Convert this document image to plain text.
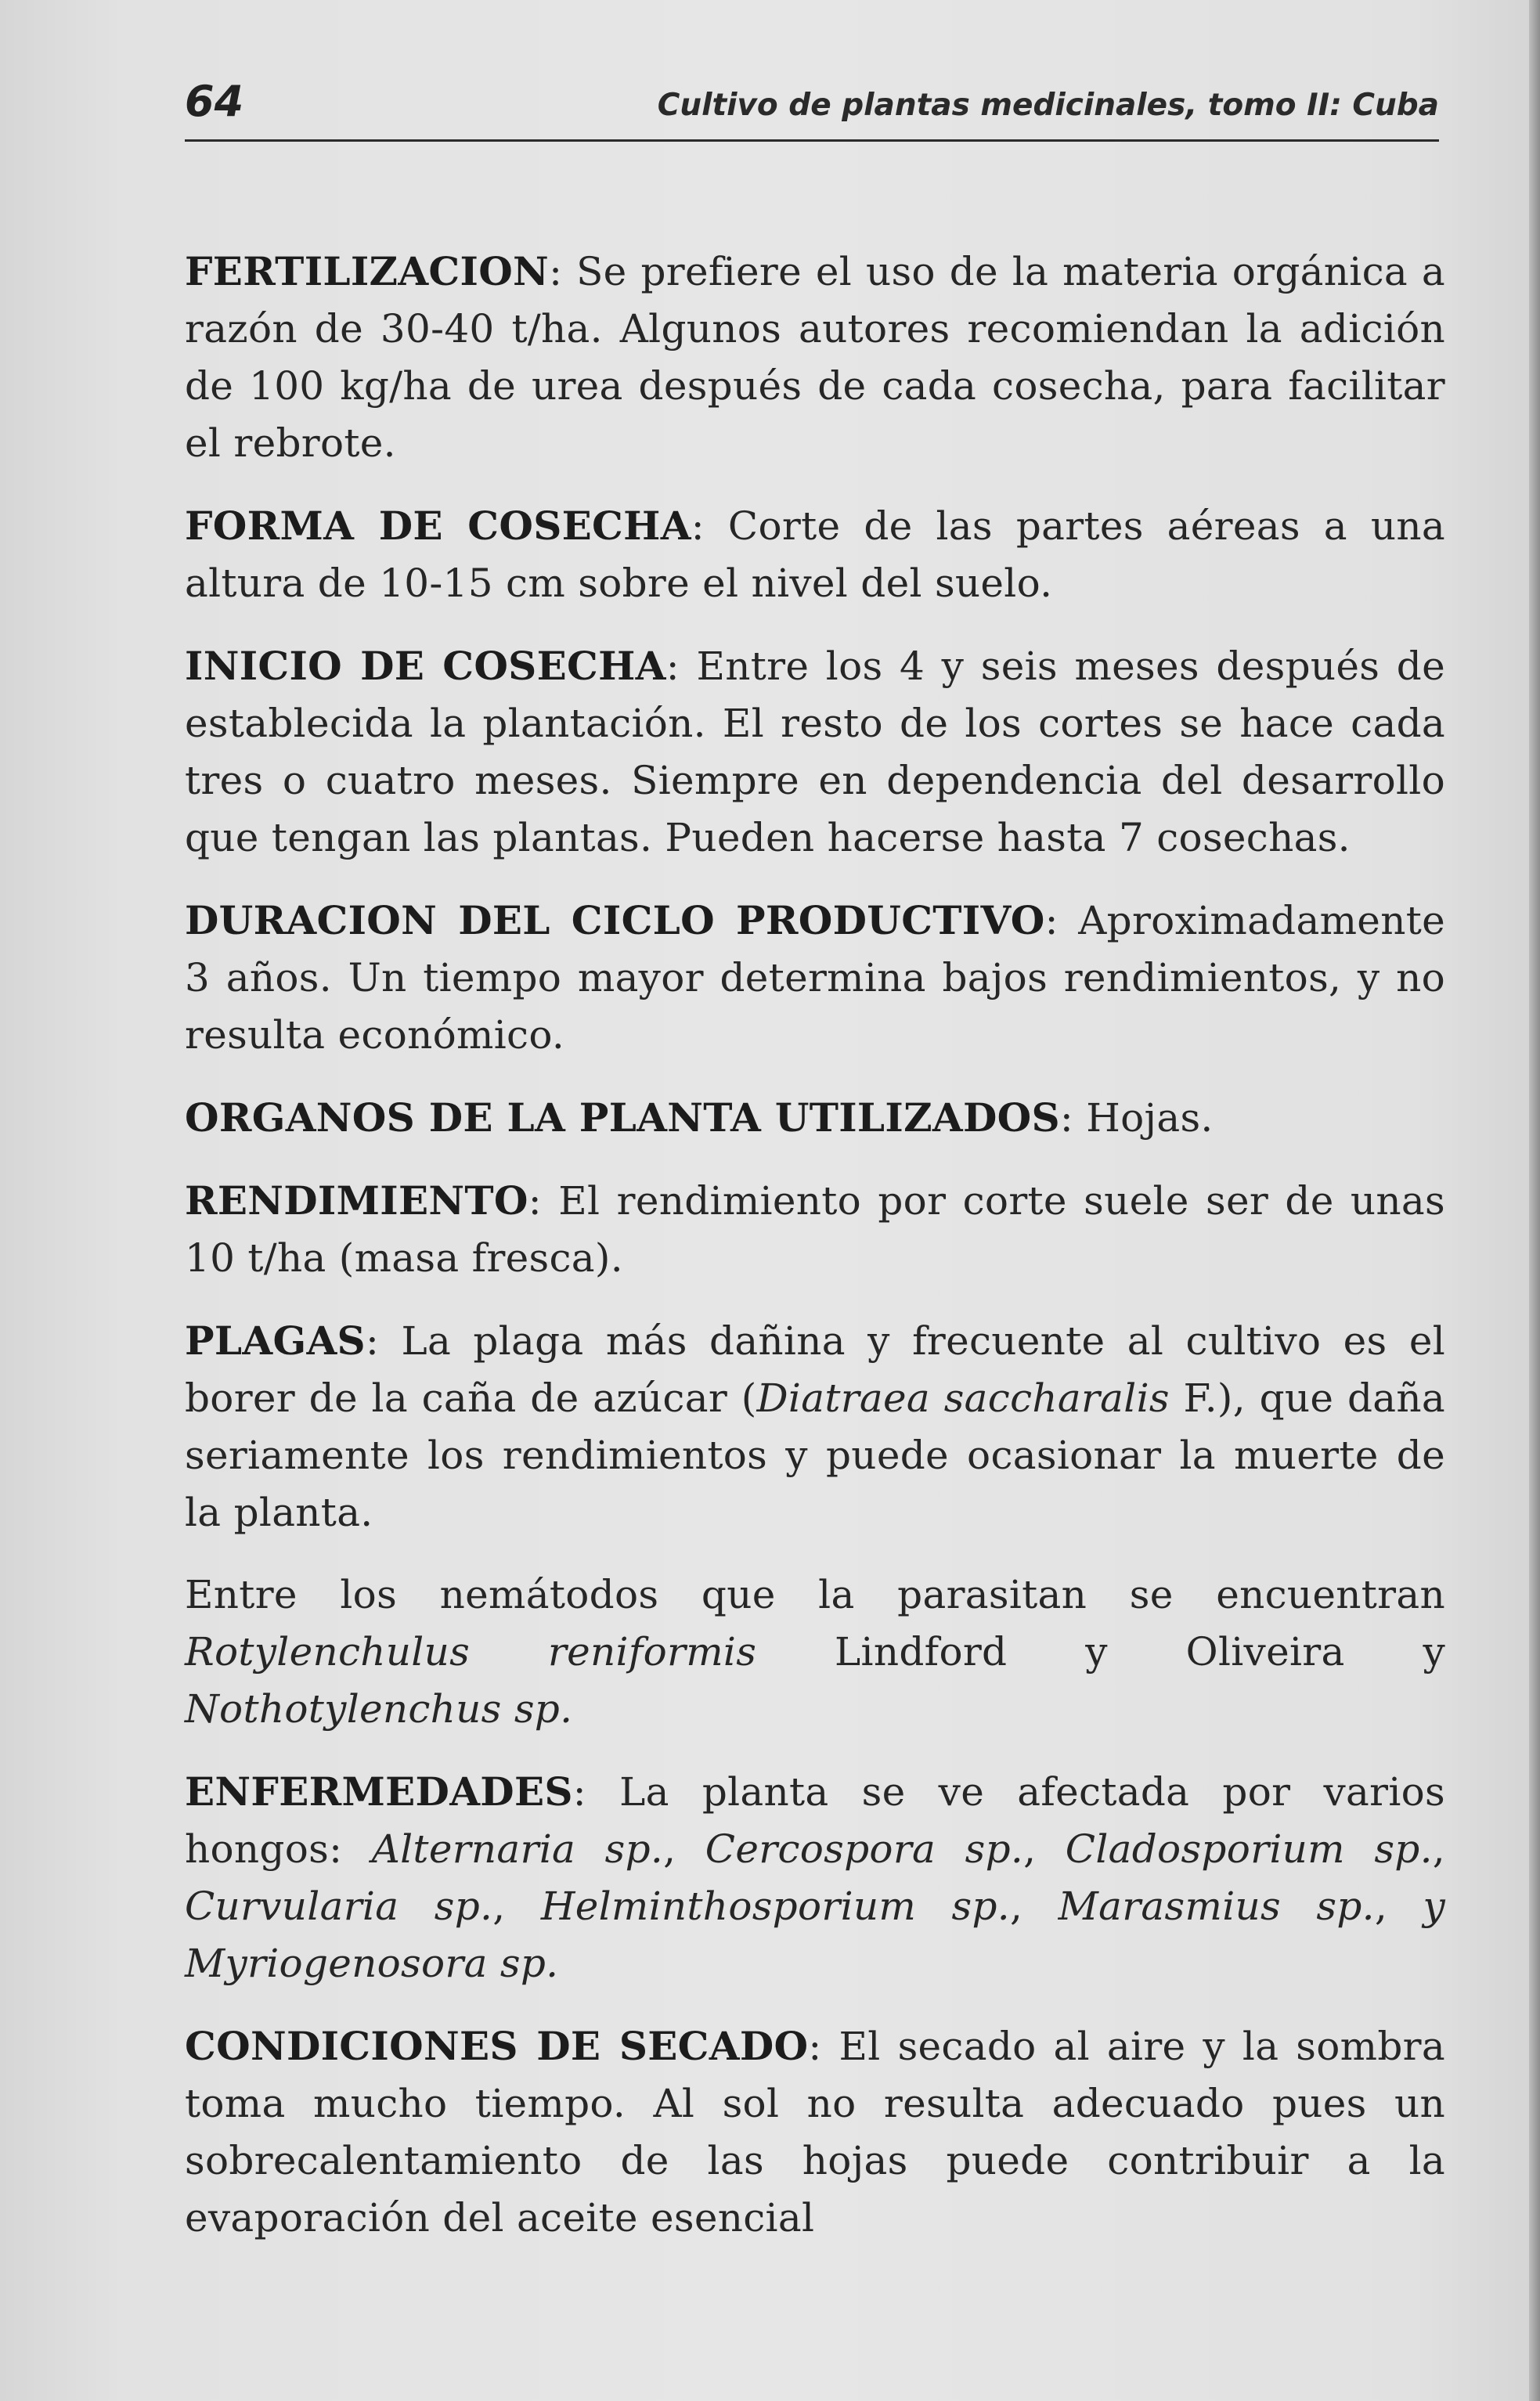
64	Cultivo de plantas medicinales, tomo II: Cuba

FERTILIZACION: Se prefiere el uso de la materia orgánica a razón de 30-40 t/ha. Algunos autores recomiendan la adición de 100 kg/ha de urea después de cada cosecha, para facilitar el rebrote.

FORMA DE COSECHA: Corte de las partes aéreas a una altura de 10-15 cm sobre el nivel del suelo.

INICIO DE COSECHA: Entre los 4 y seis meses después de establecida la plantación. El resto de los cortes se hace cada tres o cuatro meses. Siempre en dependencia del desarrollo que tengan las plantas. Pueden hacerse hasta 7 cosechas.

DURACION DEL CICLO PRODUCTIVO: Aproximadamente 3 años. Un tiempo mayor determina bajos rendimientos, y no resulta económico.

ORGANOS DE LA PLANTA UTILIZADOS: Hojas.

RENDIMIENTO: El rendimiento por corte suele ser de unas 10 t/ha (masa fresca).

PLAGAS: La plaga más dañina y frecuente al cultivo es el borer de la caña de azúcar (Diatraea saccharalis F.), que daña seriamente los rendimientos y puede ocasionar la muerte de la planta.

Entre los nemátodos que la parasitan se encuentran Rotylenchulus reniformis Lindford y Oliveira y Nothotylenchus sp.

ENFERMEDADES: La planta se ve afectada por varios hongos: Alternaria sp., Cercospora sp., Cladosporium sp., Curvularia sp., Helminthosporium sp., Marasmius sp., y Myriogenosora sp.

CONDICIONES DE SECADO: El secado al aire y la sombra toma mucho tiempo. Al sol no resulta adecuado pues un sobrecalentamiento de las hojas puede contribuir a la evaporación del aceite esencial
